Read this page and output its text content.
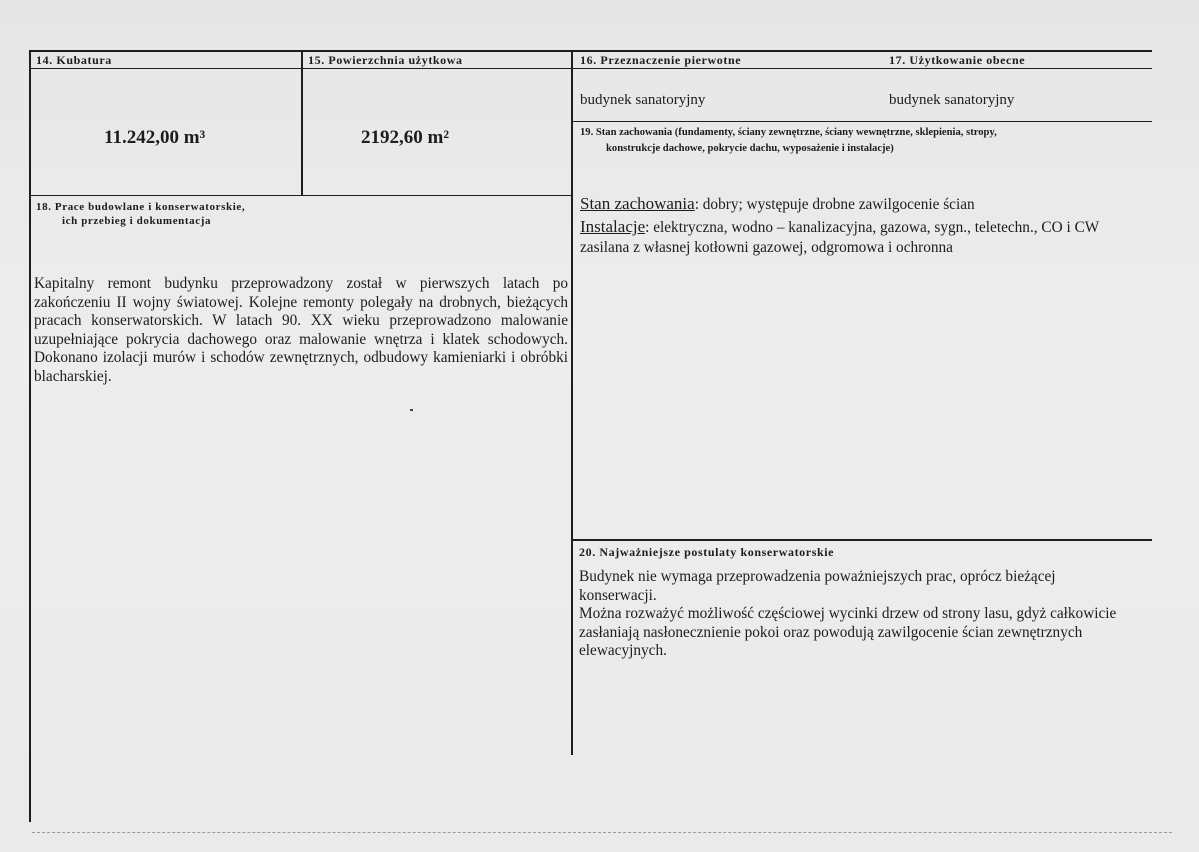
14. Kubatura
11.242,00 m³
15. Powierzchnia użytkowa
2192,60 m²
16. Przeznaczenie pierwotne
budynek sanatoryjny
17. Użytkowanie obecne
budynek sanatoryjny
19. Stan zachowania (fundamenty, ściany zewnętrzne, ściany wewnętrzne, sklepienia, stropy,
konstrukcje dachowe, pokrycie dachu, wyposażenie i instalacje)
Stan zachowania: dobry; występuje drobne zawilgocenie ścian
Instalacje: elektryczna, wodno – kanalizacyjna, gazowa, sygn., teletechn., CO i CW zasilana z własnej kotłowni gazowej, odgromowa i ochronna
18. Prace budowlane i konserwatorskie,
ich przebieg i dokumentacja
Kapitalny remont budynku przeprowadzony został w pierwszych latach po zakończeniu II wojny światowej. Kolejne remonty polegały na drobnych, bieżących pracach konserwatorskich. W latach 90. XX wieku przeprowadzono malowanie uzupełniające pokrycia dachowego oraz malowanie wnętrza i klatek schodowych. Dokonano izolacji murów i schodów zewnętrznych, odbudowy kamieniarki i obróbki blacharskiej.
20. Najważniejsze postulaty konserwatorskie
Budynek nie wymaga przeprowadzenia poważniejszych prac, oprócz bieżącej konserwacji.
Można rozważyć możliwość częściowej wycinki drzew od strony lasu, gdyż całkowicie zasłaniają nasłonecznienie pokoi oraz powodują zawilgocenie ścian zewnętrznych elewacyjnych.
